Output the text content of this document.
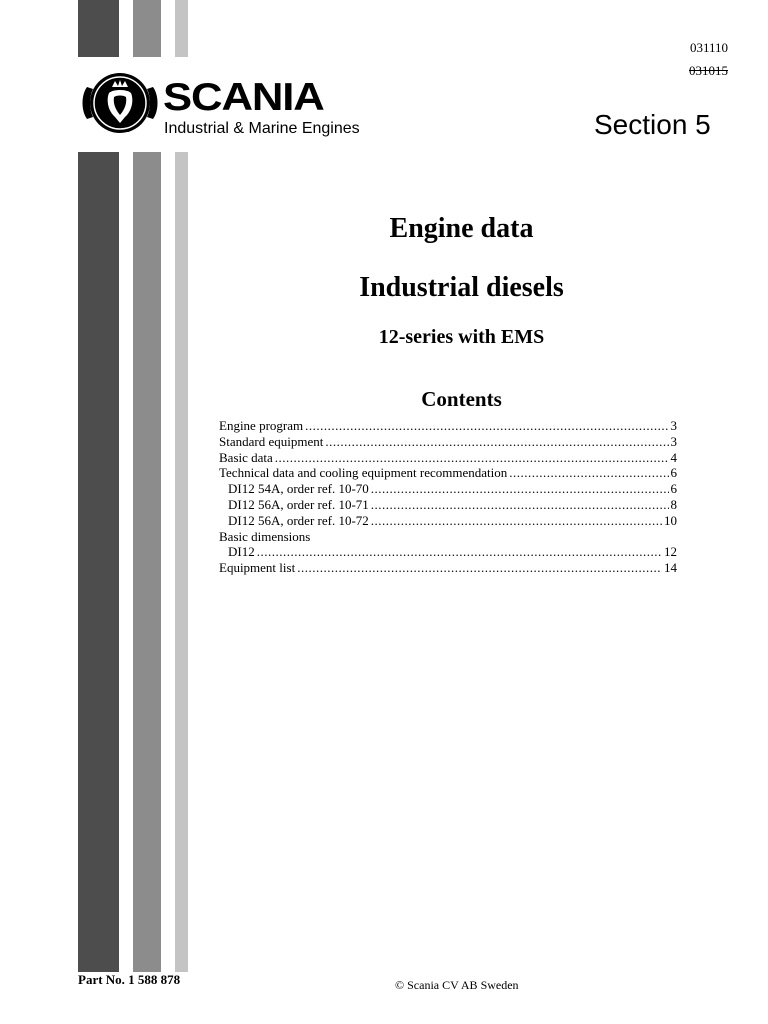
SCANIA
Industrial & Marine Engines
031110
031015
Section 5
Engine data
Industrial diesels
12-series with EMS
Contents
Engine program .....	3
Standard equipment .....	3
Basic data .....	4
Technical data and cooling equipment recommendation .....	6
DI12 54A, order ref. 10-70 .....	6
DI12 56A, order ref. 10-71 .....	8
DI12 56A, order ref. 10-72 .....	10
Basic dimensions
DI12 .....	12
Equipment list .....	14
Part No. 1 588 878	© Scania CV AB Sweden
